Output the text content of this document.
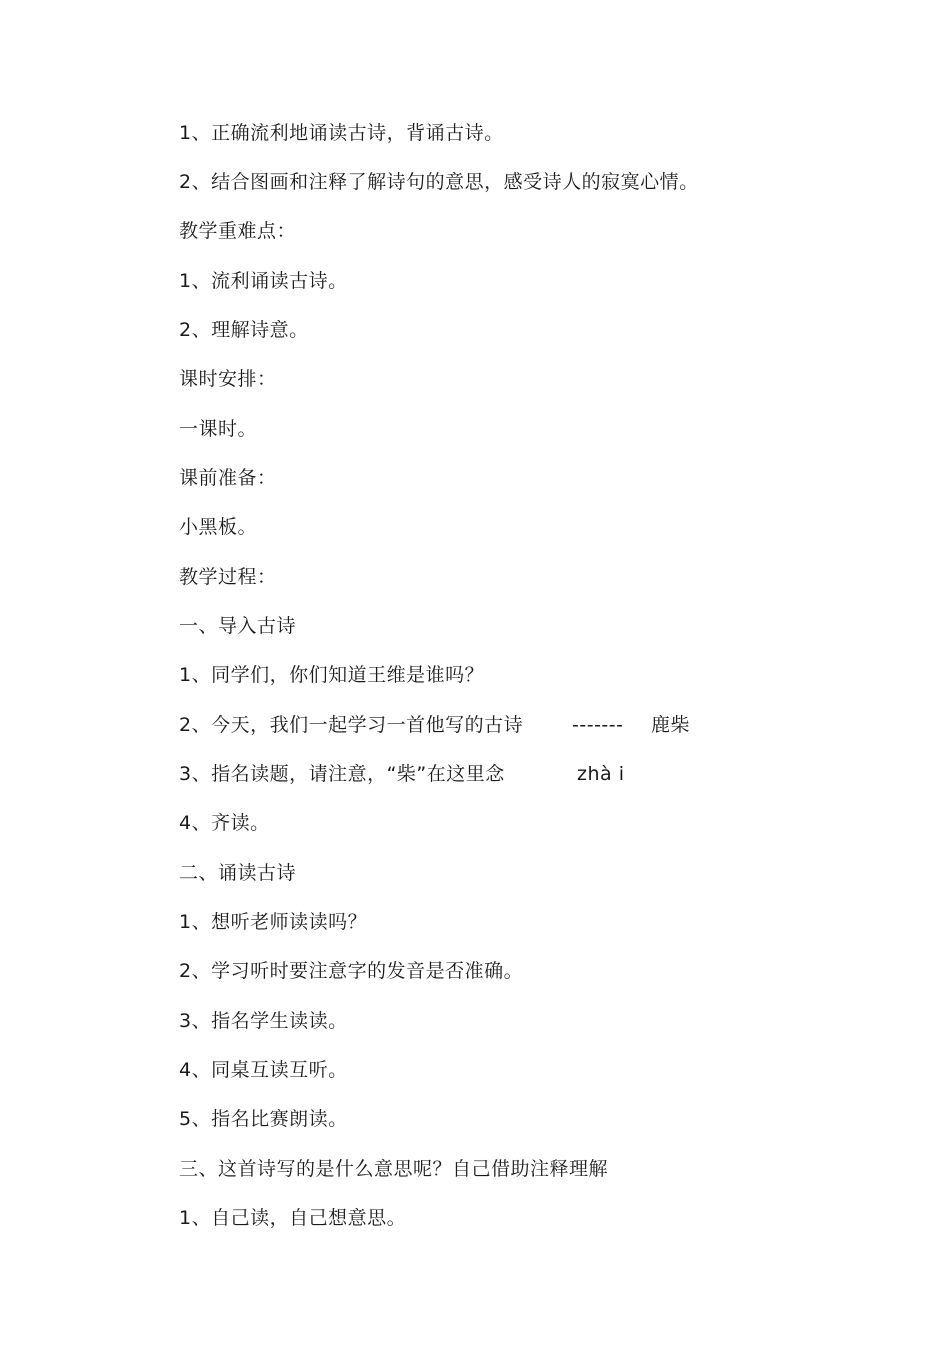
1、正确流利地诵读古诗，背诵古诗。
2、结合图画和注释了解诗句的意思，感受诗人的寂寞心情。
教学重难点：
1、流利诵读古诗。
2、理解诗意。
课时安排：
一课时。
课前准备：
小黑板。
教学过程：
一、导入古诗
1、同学们，你们知道王维是谁吗？

2、今天，我们一起学习一首他写的古诗

	-------

鹿柴

3、指名读题，请注意，“柴”在这里念

	zhà i

4、齐读。
二、诵读古诗
1、想听老师读读吗？
2、学习听时要注意字的发音是否准确。
3、指名学生读读。
4、同桌互读互听。
5、指名比赛朗读。
三、这首诗写的是什么意思呢？自己借助注释理解
1、自己读，自己想意思。
